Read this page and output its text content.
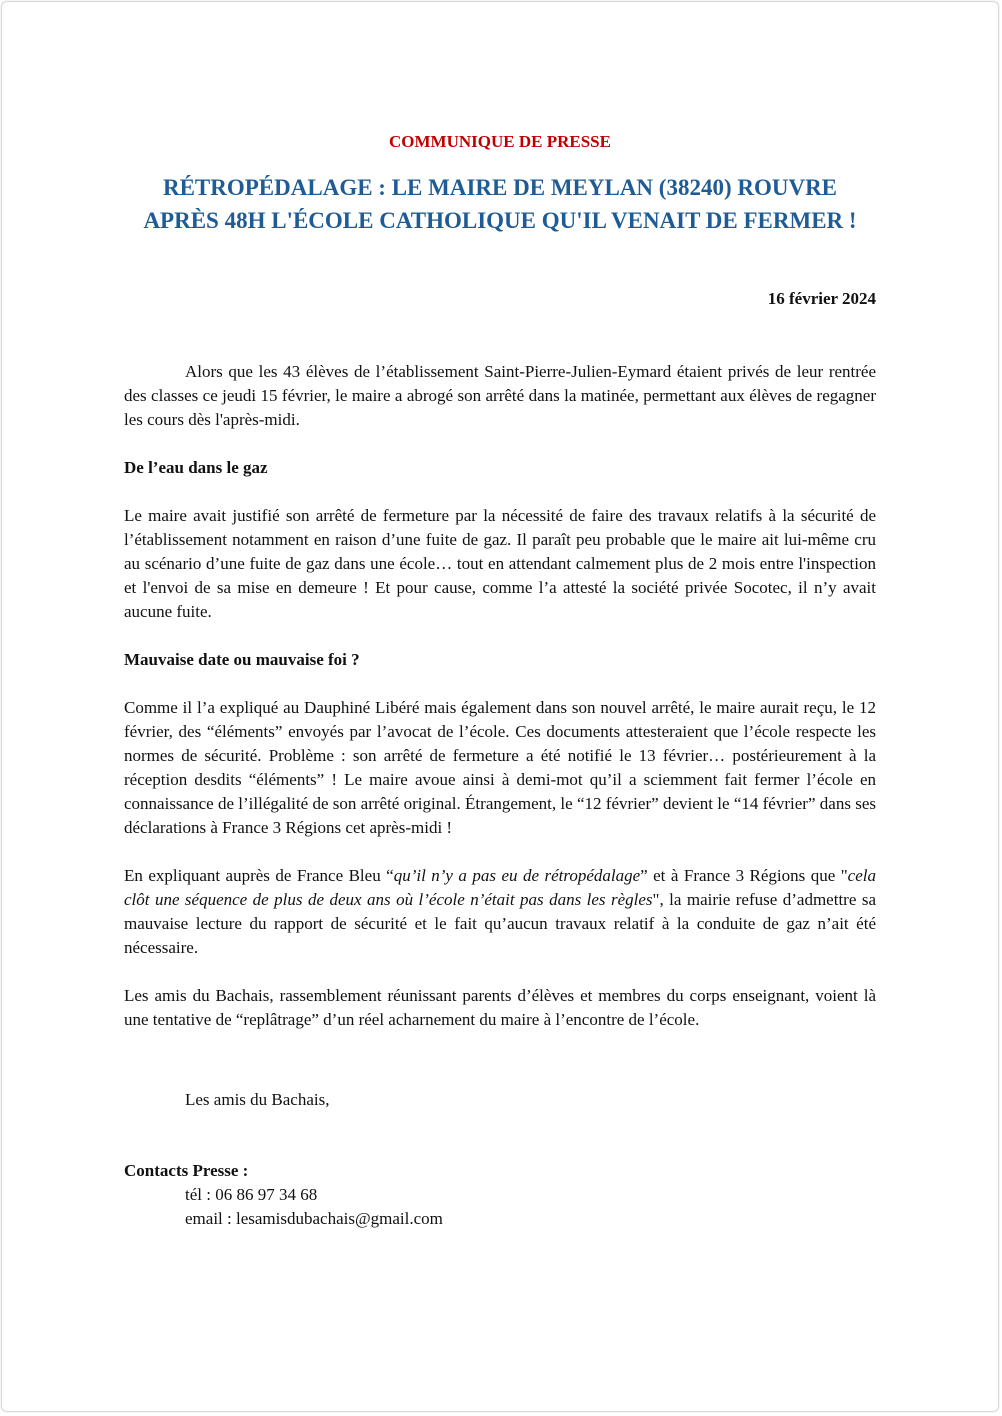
COMMUNIQUE DE PRESSE

RÉTROPÉDALAGE : LE MAIRE DE MEYLAN (38240) ROUVRE
APRÈS 48H L'ÉCOLE CATHOLIQUE QU'IL VENAIT DE FERMER !

16 février 2024

Alors que les 43 élèves de l’établissement Saint-Pierre-Julien-Eymard étaient privés de leur rentrée des classes ce jeudi 15 février, le maire a abrogé son arrêté dans la matinée, permettant aux élèves de regagner les cours dès l'après-midi.

De l’eau dans le gaz

Le maire avait justifié son arrêté de fermeture par la nécessité de faire des travaux relatifs à la sécurité de l’établissement notamment en raison d’une fuite de gaz. Il paraît peu probable que le maire ait lui-même cru au scénario d’une fuite de gaz dans une école… tout en attendant calmement plus de 2 mois entre l'inspection et l'envoi de sa mise en demeure ! Et pour cause, comme l’a attesté la société privée Socotec, il n’y avait aucune fuite.

Mauvaise date ou mauvaise foi ?

Comme il l’a expliqué au Dauphiné Libéré mais également dans son nouvel arrêté, le maire aurait reçu, le 12 février, des “éléments” envoyés par l’avocat de l’école. Ces documents attesteraient que l’école respecte les normes de sécurité. Problème : son arrêté de fermeture a été notifié le 13 février… postérieurement à la réception desdits “éléments” ! Le maire avoue ainsi à demi-mot qu’il a sciemment fait fermer l’école en connaissance de l’illégalité de son arrêté original. Étrangement, le “12 février” devient le “14 février” dans ses déclarations à France 3 Régions cet après-midi !

En expliquant auprès de France Bleu “qu’il n’y a pas eu de rétropédalage” et à France 3 Régions que "cela clôt une séquence de plus de deux ans où l’école n’était pas dans les règles", la mairie refuse d’admettre sa mauvaise lecture du rapport de sécurité et le fait qu’aucun travaux relatif à la conduite de gaz n’ait été nécessaire.

Les amis du Bachais, rassemblement réunissant parents d’élèves et membres du corps enseignant, voient là une tentative de “replâtrage” d’un réel acharnement du maire à l’encontre de l’école.

Les amis du Bachais,

Contacts Presse :

tél : 06 86 97 34 68

email : lesamisdubachais@gmail.com
